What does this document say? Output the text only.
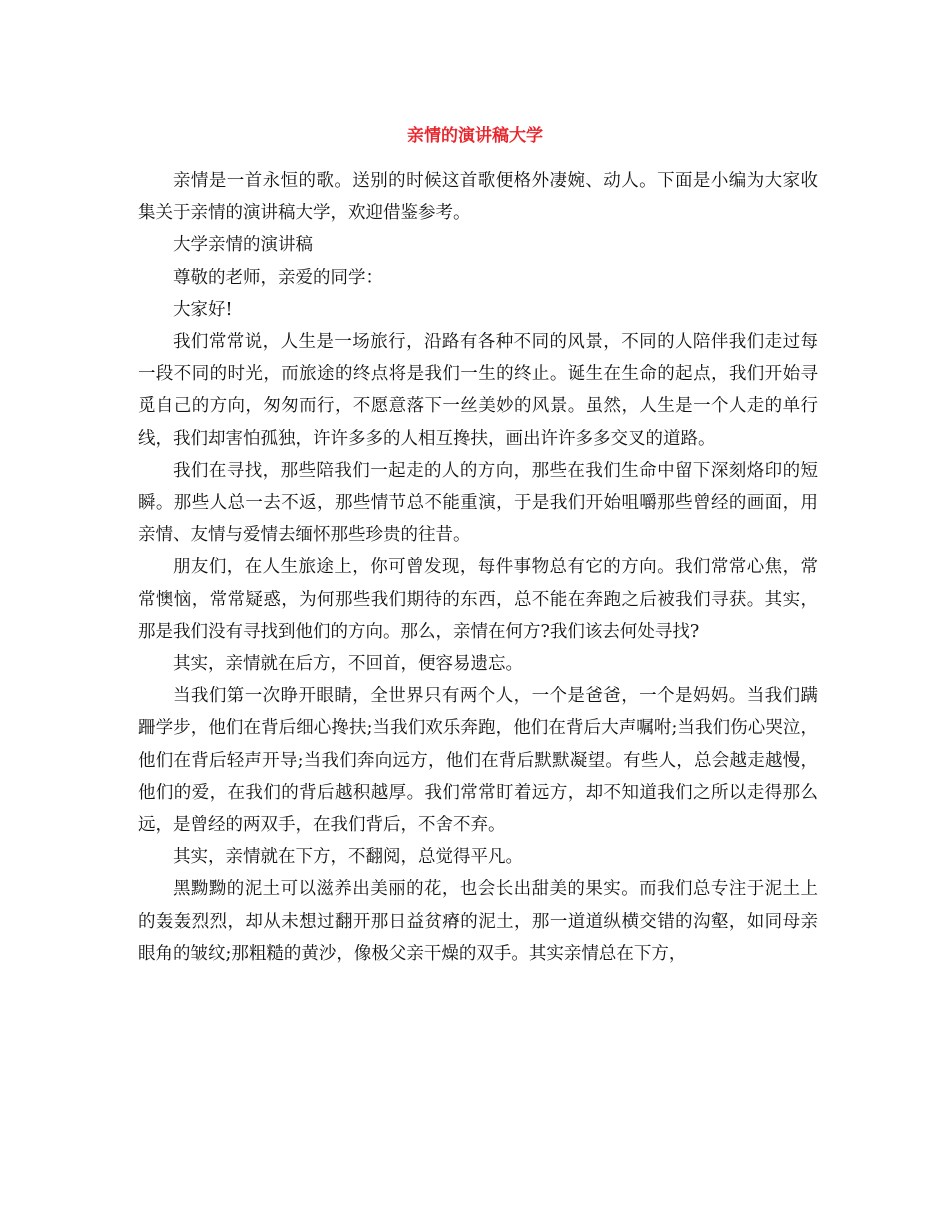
亲情的演讲稿大学

亲情是一首永恒的歌。送别的时候这首歌便格外凄婉、动人。下面是小编为大家收集关于亲情的演讲稿大学，欢迎借鉴参考。

大学亲情的演讲稿

尊敬的老师，亲爱的同学：

大家好!

我们常常说，人生是一场旅行，沿路有各种不同的风景，不同的人陪伴我们走过每一段不同的时光，而旅途的终点将是我们一生的终止。诞生在生命的起点，我们开始寻觅自己的方向，匆匆而行，不愿意落下一丝美妙的风景。虽然，人生是一个人走的单行线，我们却害怕孤独，许许多多的人相互搀扶，画出许许多多交叉的道路。

我们在寻找，那些陪我们一起走的人的方向，那些在我们生命中留下深刻烙印的短瞬。那些人总一去不返，那些情节总不能重演，于是我们开始咀嚼那些曾经的画面，用亲情、友情与爱情去缅怀那些珍贵的往昔。

朋友们，在人生旅途上，你可曾发现，每件事物总有它的方向。我们常常心焦，常常懊恼，常常疑惑，为何那些我们期待的东西，总不能在奔跑之后被我们寻获。其实，那是我们没有寻找到他们的方向。那么，亲情在何方?我们该去何处寻找?

其实，亲情就在后方，不回首，便容易遗忘。

当我们第一次睁开眼睛，全世界只有两个人，一个是爸爸，一个是妈妈。当我们蹒跚学步，他们在背后细心搀扶;当我们欢乐奔跑，他们在背后大声嘱咐;当我们伤心哭泣，他们在背后轻声开导;当我们奔向远方，他们在背后默默凝望。有些人，总会越走越慢，他们的爱，在我们的背后越积越厚。我们常常盯着远方，却不知道我们之所以走得那么远，是曾经的两双手，在我们背后，不舍不弃。

其实，亲情就在下方，不翻阅，总觉得平凡。

黑黝黝的泥土可以滋养出美丽的花，也会长出甜美的果实。而我们总专注于泥土上的轰轰烈烈，却从未想过翻开那日益贫瘠的泥土，那一道道纵横交错的沟壑，如同母亲眼角的皱纹;那粗糙的黄沙，像极父亲干燥的双手。其实亲情总在下方，
